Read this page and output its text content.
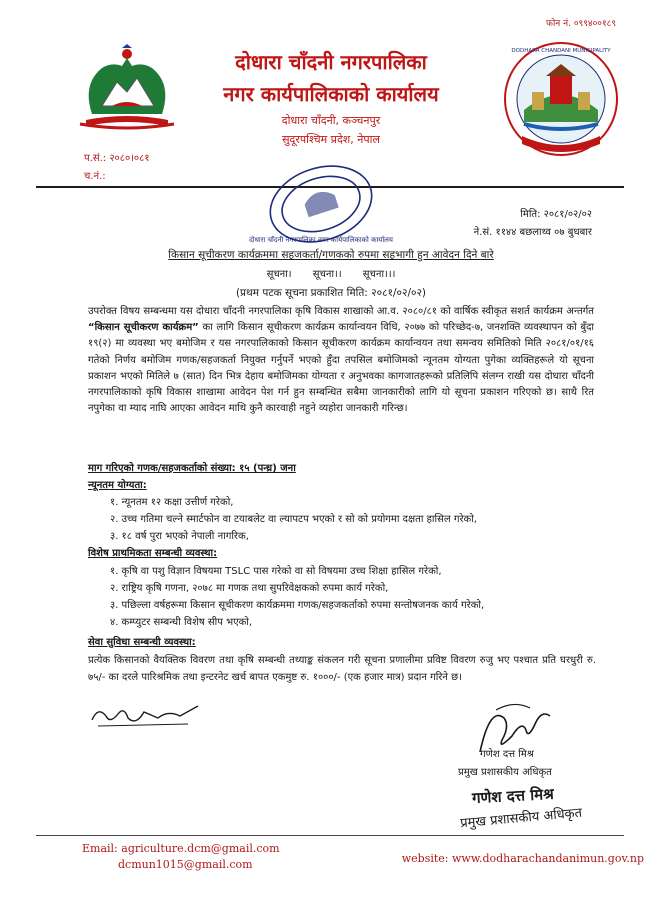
फोन नं. ०९९४००१८९
DODHARA CHANDANI MUNICIPALITY
दोधारा चाँदनी नगरपालिका
नगर कार्यपालिकाको कार्यालय
दोधारा चाँदनी, कञ्चनपुर
सुदूरपश्चिम प्रदेश, नेपाल
प.सं.: २०८०।०८१
च.नं.:
दोधारा चाँदनी नगरपालिका नगर कार्यपालिकाको कार्यालय
मिति: २०८१/०२/०२
ने.सं. ११४४ बछलाथ्व ०७ बुधबार
किसान सूचीकरण कार्यक्रममा सहजकर्ता/गणकको रुपमा सहभागी हुन आवेदन दिने बारे
सूचना। सूचना।। सूचना।।।
(प्रथम पटक सूचना प्रकाशित मिति: २०८१/०२/०२)

उपरोक्त विषय सम्बन्धमा यस दोधारा चाँदनी नगरपालिका कृषि विकास शाखाको आ.व. २०८०/८१ को वार्षिक स्वीकृत सशर्त कार्यक्रम अन्तर्गत “किसान सूचीकरण कार्यक्रम” का लागि किसान सूचीकरण कार्यक्रम कार्यान्वयन विधि, २०७७ को परिच्छेद-७, जनशक्ति व्यवस्थापन को बुँदा १९(२) मा व्यवस्था भए बमोजिम र यस नगरपालिकाको किसान सूचीकरण कार्यक्रम कार्यान्वयन तथा समन्वय समितिको मिति २०८१/०१/१६ गतेको निर्णय बमोजिम गणक/सहजकर्ता नियुक्त गर्नुपर्ने भएको हुँदा तपसिल बमोजिमको न्यूनतम योग्यता पुगेका व्यक्तिहरूले यो सूचना प्रकाशन भएको मितिले ७ (सात) दिन भित्र देहाय बमोजिमका योग्यता र अनुभवका कागजातहरूको प्रतिलिपि संलग्न राखी यस दोधारा चाँदनी नगरपालिकाको कृषि विकास शाखामा आवेदन पेश गर्न हुन सम्बन्धित सबैमा जानकारीको लागि यो सूचना प्रकाशन गरिएको छ। साथै रित नपुगेका वा म्याद नाघि आएका आवेदन माथि कुनै कारवाही नहुने व्यहोरा जानकारी गरिन्छ।

माग गरिएको गणक/सहजकर्ताको संख्या: १५ (पन्ध्र) जना
न्यूनतम योग्यता:
१. न्यूनतम १२ कक्षा उत्तीर्ण गरेको,
२. उच्च गतिमा चल्ने स्मार्टफोन वा टयाबलेट वा ल्यापटप भएको र सो को प्रयोगमा दक्षता हासिल गरेको,
३. १८ वर्ष पुरा भएको नेपाली नागरिक,
विशेष प्राथमिकता सम्बन्धी व्यवस्था:
१. कृषि वा पशु विज्ञान विषयमा TSLC पास गरेको वा सो विषयमा उच्च शिक्षा हासिल गरेको,
२. राष्ट्रिय कृषि गणना, २०७८ मा गणक तथा सुपरिवेक्षकको रुपमा कार्य गरेको,
३. पछिल्ला वर्षहरूमा किसान सूचीकरण कार्यक्रममा गणक/सहजकर्ताको रुपमा सन्तोषजनक कार्य गरेको,
४. कम्प्युटर सम्बन्धी विशेष सीप भएको,
सेवा सुविधा सम्बन्धी व्यवस्था:

प्रत्येक किसानको वैयक्तिक विवरण तथा कृषि सम्बन्धी तथ्याङ्क संकलन गरी सूचना प्रणालीमा प्रविष्ट विवरण रुजु भए पश्चात प्रति घरधुरी रु. ७५/- का दरले पारिश्रमिक तथा इन्टरनेट खर्च बापत एकमुष्ट रु. १०००/- (एक हजार मात्र) प्रदान गरिने छ।

गणेश दत्त मिश्र
प्रमुख प्रशासकीय अधिकृत
गणेश दत्त मिश्र
प्रमुख प्रशासकीय अधिकृत
Email: agriculture.dcm@gmail.com
dcmun1015@gmail.com	website: www.dodharachandanimun.gov.np
